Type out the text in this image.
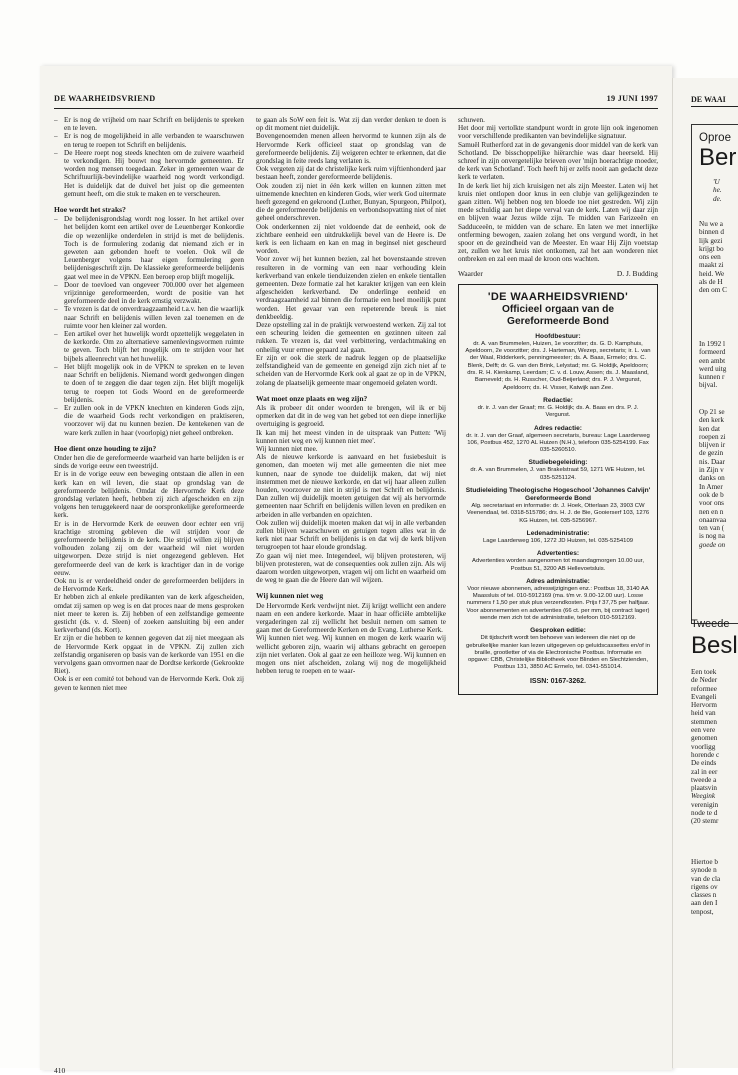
DE WAARHEIDSVRIEND	19 JUNI 1997
– Er is nog de vrijheid om naar Schrift en belijdenis te spreken en te leven.
– Er is nog de mogelijkheid in alle verbanden te waarschuwen en terug te roepen tot Schrift en belijdenis.
– De Heere roept nog steeds knechten om de zuivere waarheid te verkondigen. Hij bouwt nog hervormde gemeenten. Er worden nog mensen toegedaan. Zeker in gemeenten waar de Schriftuurlijk-bevindelijke waarheid nog wordt verkondigd. Het is duidelijk dat de duivel het juist op die gemeenten gemunt heeft, om die stuk te maken en te verscheuren.
Hoe wordt het straks?
– De belijdenisgrondslag wordt nog losser. In het artikel over het belijden komt een artikel over de Leuenberger Konkordie die op wezenlijke onderdelen in strijd is met de belijdenis. Toch is de formulering zodanig dat niemand zich er in geweten aan gebonden hoeft te voelen. Ook wil de Leuenberger volgens haar eigen formulering geen belijdenisgeschrift zijn. De klassieke gereformeerde belijdenis gaat wel mee in de VPKN. Een beroep erop blijft mogelijk.
– Door de toevloed van ongeveer 700.000 over het algemeen vrijzinnige gereformeerden, wordt de positie van het gereformeerde deel in de kerk ernstig verzwakt.
– Te vrezen is dat de onverdraagzaamheid t.a.v. hen die waarlijk naar Schrift en belijdenis willen leven zal toenemen en de ruimte voor hen kleiner zal worden.
– Een artikel over het huwelijk wordt opzettelijk weggelaten in de kerkorde. Om zo alternatieve samenlevingsvormen ruimte te geven. Toch blijft het mogelijk om te strijden voor het bijbels alleenrecht van het huwelijk.
– Het blijft mogelijk ook in de VPKN te spreken en te leven naar Schrift en belijdenis. Niemand wordt gedwongen dingen te doen of te zeggen die daar tegen zijn. Het blijft mogelijk terug te roepen tot Gods Woord en de gereformeerde belijdenis.
– Er zullen ook in de VPKN knechten en kinderen Gods zijn, die de waarheid Gods recht verkondigen en praktiseren, voorzover wij dat nu kunnen bezien. De kentekenen van de ware kerk zullen in haar (voorlopig) niet geheel ontbreken.
Hoe dient onze houding te zijn?

Onder hen die de gereformeerde waarheid van harte belijden is er sinds de vorige eeuw een tweestrijd.

Er is in de vorige eeuw een beweging ontstaan die allen in een kerk kan en wil leven, die staat op grondslag van de gereformeerde belijdenis. Omdat de Hervormde Kerk deze grondslag verlaten heeft, hebben zij zich afgescheiden en zijn volgens hen teruggekeerd naar de oorspronkelijke gereformeerde kerk.

Er is in de Hervormde Kerk de eeuwen door echter een vrij krachtige stroming gebleven die wil strijden voor de gereformeerde belijdenis in de kerk. Die strijd willen zij blijven volhouden zolang zij om der waarheid wil niet worden uitgeworpen. Deze strijd is niet ongezegend gebleven. Het gereformeerde deel van de kerk is krachtiger dan in de vorige eeuw.

Ook nu is er verdeeldheid onder de gereformeerden belijders in de Hervormde Kerk.

Er hebben zich al enkele predikanten van de kerk afgescheiden, omdat zij samen op weg is en dat proces naar de mens gesproken niet meer te keren is. Zij hebben of een zelfstandige gemeente gesticht (ds. v. d. Sleen) of zoeken aansluiting bij een ander kerkverband (ds. Kort).

Er zijn er die hebben te kennen gegeven dat zij niet meegaan als de Hervormde Kerk opgaat in de VPKN. Zij zullen zich zelfstandig organiseren op basis van de kerkorde van 1951 en die vervolgens gaan omvormen naar de Dordtse kerkorde (Gekrookte Riet).

Ook is er een comité tot behoud van de Hervormde Kerk. Ook zij geven te kennen niet mee

te gaan als SoW een feit is. Wat zij dan verder denken te doen is op dit moment niet duidelijk.

Bovengenoemden menen alleen hervormd te kunnen zijn als de Hervormde Kerk officieel staat op grondslag van de gereformeerde belijdenis. Zij weigeren echter te erkennen, dat die grondslag in feite reeds lang verlaten is.

Ook vergeten zij dat de christelijke kerk ruim vijftienhonderd jaar bestaan heeft, zonder gereformeerde belijdenis.

Ook zouden zij niet in één kerk willen en kunnen zitten met uitnemende knechten en kinderen Gods, wier werk God uitermate heeft gezegend en gekroond (Luther, Bunyan, Spurgeon, Philpot), die de gereformeerde belijdenis en verbondsopvatting niet of niet geheel onderschreven.

Ook onderkennen zij niet voldoende dat de eenheid, ook de zichtbare eenheid een uitdrukkelijk bevel van de Heere is. De kerk is een lichaam en kan en mag in beginsel niet gescheurd worden.

Voor zover wij het kunnen bezien, zal het bovenstaande streven resulteren in de vorming van een naar verhouding klein kerkverband van enkele tienduizenden zielen en enkele tientallen gemeenten. Deze formatie zal het karakter krijgen van een klein afgescheiden kerkverband. De onderlinge eenheid en verdraagzaamheid zal binnen die formatie een heel moeilijk punt worden. Het gevaar van een repeterende breuk is niet denkbeeldig.

Deze opstelling zal in de praktijk verwoestend werken. Zij zal tot een scheuring leiden die gemeenten en gezinnen uiteen zal rukken. Te vrezen is, dat veel verbittering, verdachtmaking en onheilig vuur ermee gepaard zal gaan.

Er zijn er ook die sterk de nadruk leggen op de plaatselijke zelfstandigheid van de gemeente en geneigd zijn zich niet af te scheiden van de Hervormde Kerk ook al gaat ze op in de VPKN, zolang de plaatselijk gemeente maar ongemoeid gelaten wordt.

Wat moet onze plaats en weg zijn?

Als ik probeer dit onder woorden te brengen, wil ik er bij opmerken dat dit in de weg van het gebed tot een diepe innerlijke overtuiging is gegroeid.

Ik kan mij het meest vinden in de uitspraak van Putten: 'Wij kunnen niet weg en wij kunnen niet mee'.

Wij kunnen niet mee.

Als de nieuwe kerkorde is aanvaard en het fusiebesluit is genomen, dan moeten wij met alle gemeenten die niet mee kunnen, naar de synode toe duidelijk maken, dat wij niet instemmen met de nieuwe kerkorde, en dat wij haar alleen zullen houden, voorzover ze niet in strijd is met Schrift en belijdenis. Dan zullen wij duidelijk moeten getuigen dat wij als hervormde gemeenten naar Schrift en belijdenis willen leven en prediken en arbeiden in alle verbanden en opzichten.

Ook zullen wij duidelijk moeten maken dat wij in alle verbanden zullen blijven waarschuwen en getuigen tegen alles wat in de kerk niet naar Schrift en belijdenis is en dat wij de kerk blijven terugroepen tot haar eloude grondslag.

Zo gaan wij niet mee. Integendeel, wij blijven protesteren, wij blijven protesteren, wat de consequenties ook zullen zijn. Als wij daarom worden uitgeworpen, vragen wij om licht en waarheid om de weg te gaan die de Heere dan wil wijzen.

Wij kunnen niet weg

De Hervormde Kerk verdwijnt niet. Zij krijgt wellicht een andere naam en een andere kerkorde. Maar in haar officiële ambtelijke vergaderingen zal zij wellicht het besluit nemen om samen te gaan met de Gereformeerde Kerken en de Evang. Lutherse Kerk.

Wij kunnen niet weg. Wij kunnen en mogen de kerk waarin wij wellicht geboren zijn, waarin wij althans gebracht en geroepen zijn niet verlaten. Ook al gaat ze een heilloze weg. Wij kunnen en mogen ons niet afscheiden, zolang wij nog de mogelijkheid hebben terug te roepen en te waar-

schuwen.

Het door mij vertolkte standpunt wordt in grote lijn ook ingenomen voor verschillende predikanten van bevindelijke signatuur.

Samuël Rutherford zat in de gevangenis door middel van de kerk van Schotland. De bisschoppelijke hiërarchie was daar heerseld. Hij schreef in zijn onvergetelijke brieven over 'mijn hoerachtige moeder, de kerk van Schotland'. Toch heeft hij er zelfs nooit aan gedacht deze kerk te verlaten.

In de kerk liet hij zich kruisigen net als zijn Meester. Laten wij het kruis niet ontlopen door knus in een clubje van gelijkgezinden te gaan zitten. Wij hebben nog ten bloede toe niet gestreden. Wij zijn mede schuldig aan het diepe verval van de kerk. Laten wij daar zijn en blijven waar Jezus wilde zijn. Te midden van Farizeeën en Sadduceeën, te midden van de schare. En laten we met innerlijke ontferming bewogen, zaaien zolang het ons vergund wordt, in het spoor en de gezindheid van de Meester. En waar Hij Zijn voetstap zet, zullen we het kruis niet ontkomen, zal het aan wonderen niet ontbreken en zal een maal de kroon ons wachten.

Waarder	D. J. Budding
'DE WAARHEIDSVRIEND'
Officieel orgaan van de
Gereformeerde Bond
Hoofdbestuur:
dr. A. van Brummelen, Huizen, 1e voorzitter; ds. G. D. Kamphuis, Apeldoorn, 2e voorzitter; drs. J. Harteman, Wezep, secretaris; ir. L. van der Waal, Ridderkerk, penningmeester; ds. A. Baas, Ermelo; drs. C. Blenk, Delft; dr. G. van den Brink, Lelystad; mr. G. Holdijk, Apeldoorn; drs. R. H. Kienkamp, Leerdam; C. v. d. Louw, Assen; ds. J. Maasland, Barneveld; ds. H. Russcher, Oud-Beijerland; drs. P. J. Vergunst, Apeldoorn; ds. H. Visser, Katwijk aan Zee.
Redactie:
dr. ir. J. van der Graaf; mr. G. Holdijk; ds. A. Baas en drs. P. J. Vergunst.
Adres redactie:
dr. ir. J. van der Graaf, algemeen secretaris, bureau: Lage Laarderweg 106, Postbus 452, 1270 AL Huizen (N.H.), telefoon 035-5254199. Fax 035-5260510.
Studiebegeleiding:
dr. A. van Brummelen, J. van Brakelstraat 59, 1271 WE Huizen, tel. 035-5251124.
Studieleiding Theologische Hogeschool 'Johannes Calvijn' Gereformeerde Bond
Alg. secretariaat en informatie: dr. J. Hoek, Otterlaan 23, 3903 CW Veenendaal, tel. 0318-515786; drs. H. J. de Bie, Gooierserf 103, 1276 KG Huizen, tel. 035-5256967.
Ledenadministratie:
Lage Laarderweg 106, 1272 JD Huizen, tel. 035-5254109
Advertenties:
Advertenties worden aangenomen tot maandagmorgen 10.00 uur, Postbus 51, 3200 AB Hellevoetsluis.
Adres administratie:
Voor nieuwe abonnenen, adreswijzigingen enz.: Postbus 18, 3140 AA Maassluis of tel. 010-5912169 (ma. t/m vr. 9.00-12.00 uur). Losse nummers f 1,50 per stuk plus verzendkosten. Prijs f 37,75 per halfjaar. Voor abonnementen en advertenties (66 ct. per mm, bij contract lager) wende men zich tot de administratie, telefoon 010-5912169.
Gesproken editie:
Dit tijdschrift wordt ten behoeve van iedereen die niet op de gebruikelijke manier kan lezen uitgegeven op geluidscassettes en/of in braille, grootletter of via de Electronische Postbus. Informatie en opgave: CBB, Christelijke Bibliotheek voor Blinden en Slechtzienden, Postbus 131, 3850 AC Ermelo, tel. 0341-551014.
ISSN: 0167-3262.
410
DE WAAI
Oproe
Ber
'U
he.
de.
Nu we a
binnen d
lijk gezi
krijgt bo
ons een
maakt zi
heid. We
als de H
den om C
In 1992 l
formeerd
een ambt
werd uitg
kunnen r
bijval.
Op 21 se
den kerk
ken dat
roepen zi
blijven ir
de gezin
nis. Daar
in Zijn v
danks on
In Amer
ook de b
voor ons
nen en n
onaanvaa
ten van (
is nog na
goede on
Tweede
Besl
Een toek
de Neder
reformee
Evangeli
Hervorm
heid van
stemmen
een vere
genomen
voorligg
horende c
De einds
zal in eer
tweede a
plaatsvin
Weegink
verenigin
node te d
(20 stemr
Hiertoe b
synode n
van de cla
rigens ov
classes n
aan den I
tenpost,
